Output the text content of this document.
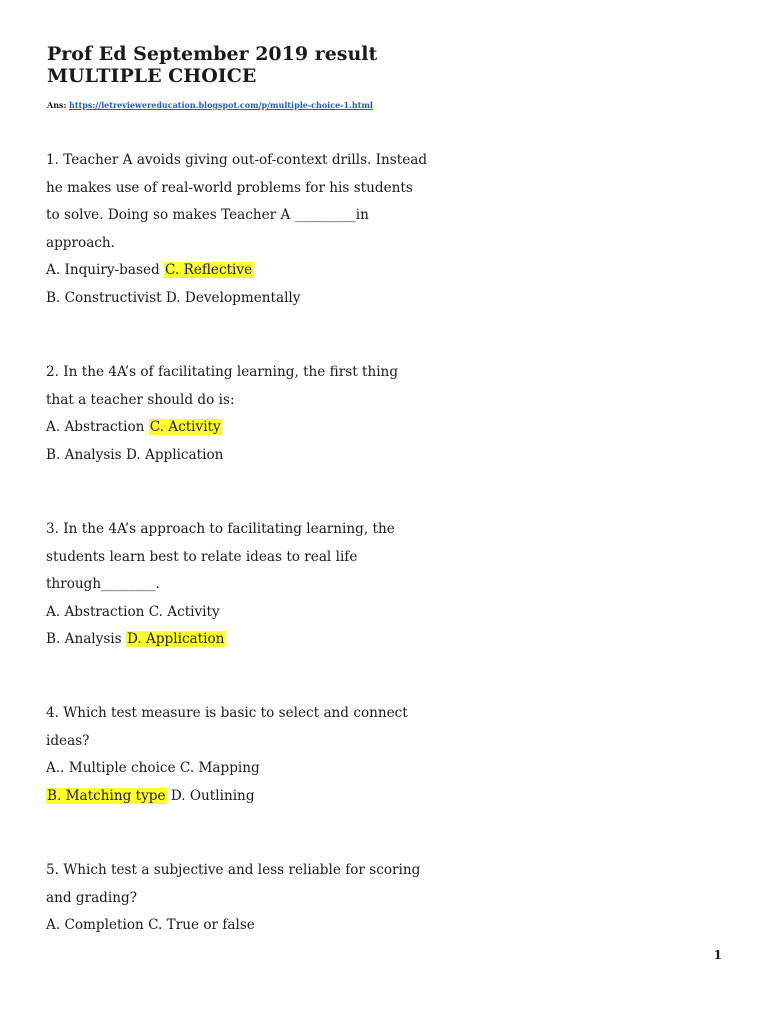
Prof Ed September 2019 result
MULTIPLE CHOICE
Ans: https://letreviewereducation.blogspot.com/p/multiple-choice-1.html
1. Teacher A avoids giving out-of-context drills. Instead
he makes use of real-world problems for his students
to solve. Doing so makes Teacher A _________in
approach.
A. Inquiry-based C. Reflective
B. Constructivist D. Developmentally
2. In the 4A’s of facilitating learning, the first thing
that a teacher should do is:
A. Abstraction C. Activity
B. Analysis D. Application
3. In the 4A’s approach to facilitating learning, the
students learn best to relate ideas to real life
through________.
A. Abstraction C. Activity
B. Analysis D. Application
4. Which test measure is basic to select and connect
ideas?
A.. Multiple choice C. Mapping
B. Matching type D. Outlining
5. Which test a subjective and less reliable for scoring
and grading?
A. Completion C. True or false
1
